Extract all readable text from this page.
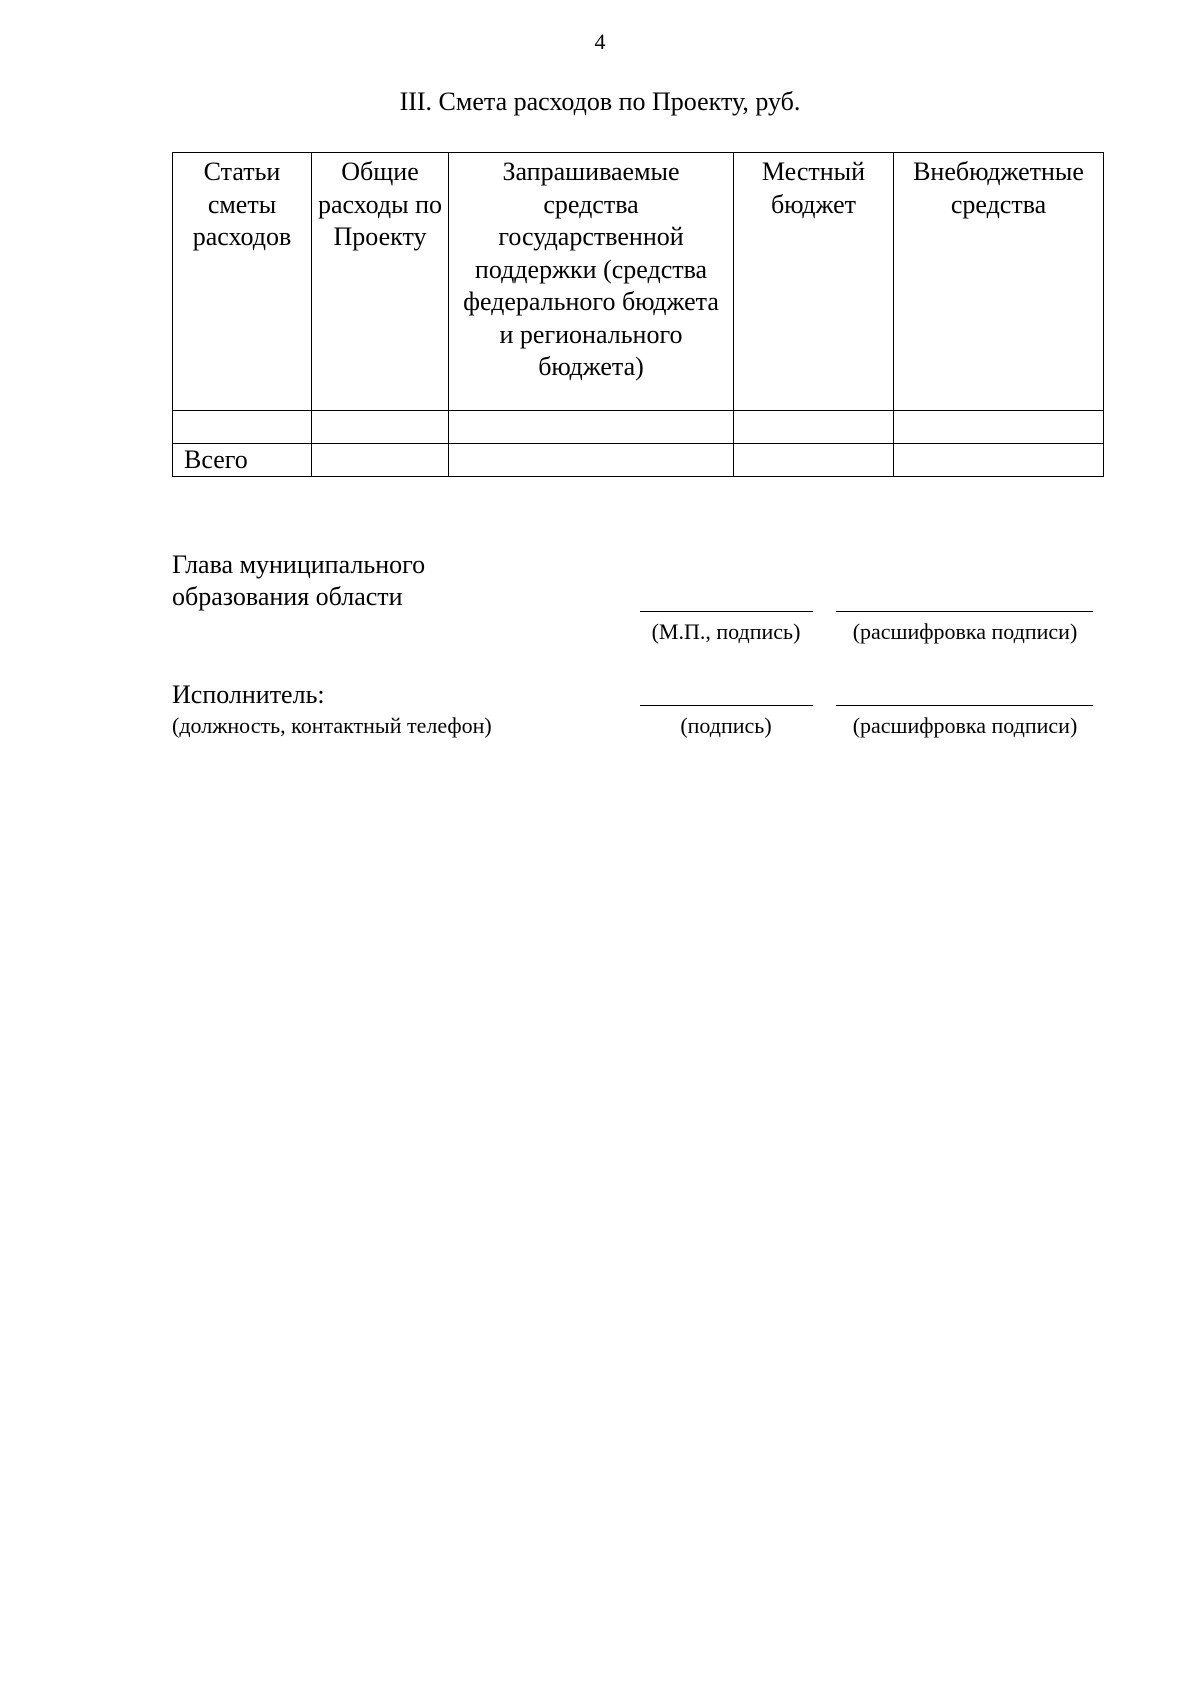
4
III. Смета расходов по Проекту, руб.
Статьи сметы расходов	Общие расходы по Проекту	Запрашиваемые средства государственной поддержки (средства федерального бюджета и регионального бюджета)	Местный бюджет	Внебюджетные средства

Всего				
Глава муниципального
образования области
(М.П., подпись)	(расшифровка подписи)
Исполнитель:
(должность, контактный телефон)	(подпись)	(расшифровка подписи)
